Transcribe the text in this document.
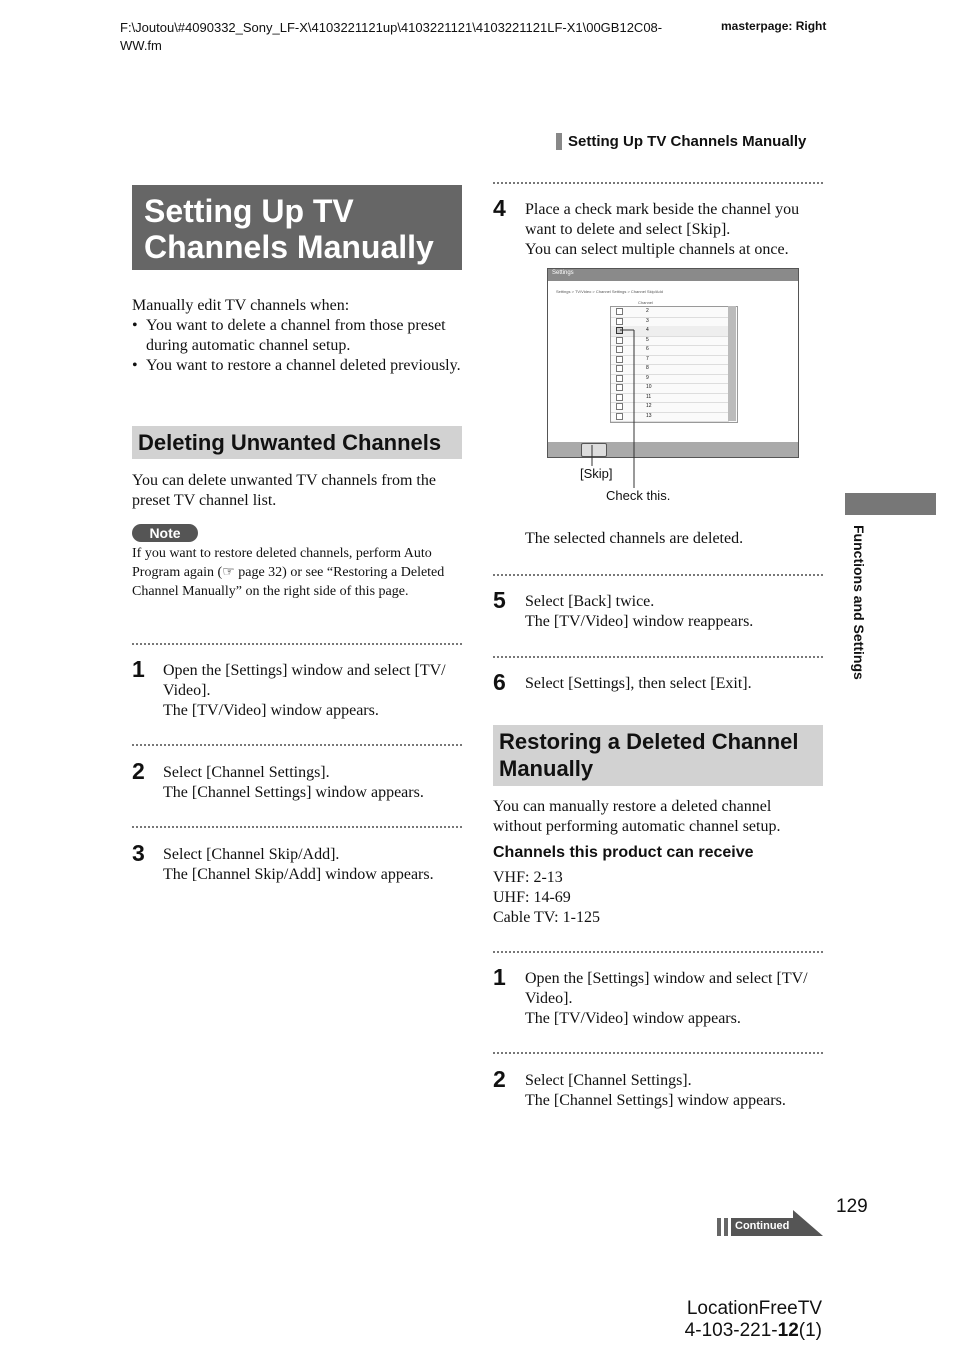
F:\Joutou\#4090332_Sony_LF-X\4103221121up\4103221121\4103221121LF-X1\00GB12C08-WW.fm
masterpage: Right
Setting Up TV Channels Manually
Setting Up TV Channels Manually
Manually edit TV channels when:
• You want to delete a channel from those preset during automatic channel setup.
• You want to restore a channel deleted previously.
Deleting Unwanted Channels
You can delete unwanted TV channels from the preset TV channel list.
Note
If you want to restore deleted channels, perform Auto Program again (☞ page 32) or see “Restoring a Deleted Channel Manually” on the right side of this page.
1 Open the [Settings] window and select [TV/ Video].
The [TV/Video] window appears.
2 Select [Channel Settings].
The [Channel Settings] window appears.
3 Select [Channel Skip/Add].
The [Channel Skip/Add] window appears.
4 Place a check mark beside the channel you want to delete and select [Skip].
You can select multiple channels at once.
Settings
Settings > TV/Video > Channel Settings > Channel Skip/Add
Channel
2
3
4
5
6
7
8
9
10
11
12
13
[Skip]
Check this.
The selected channels are deleted.
5 Select [Back] twice.
The [TV/Video] window reappears.
6 Select [Settings], then select [Exit].
Restoring a Deleted Channel Manually
You can manually restore a deleted channel without performing automatic channel setup.
Channels this product can receive
VHF: 2-13
UHF: 14-69
Cable TV: 1-125
1 Open the [Settings] window and select [TV/ Video].
The [TV/Video] window appears.
2 Select [Channel Settings].
The [Channel Settings] window appears.
Functions and Settings
129
Continued
LocationFreeTV
4-103-221-12(1)
